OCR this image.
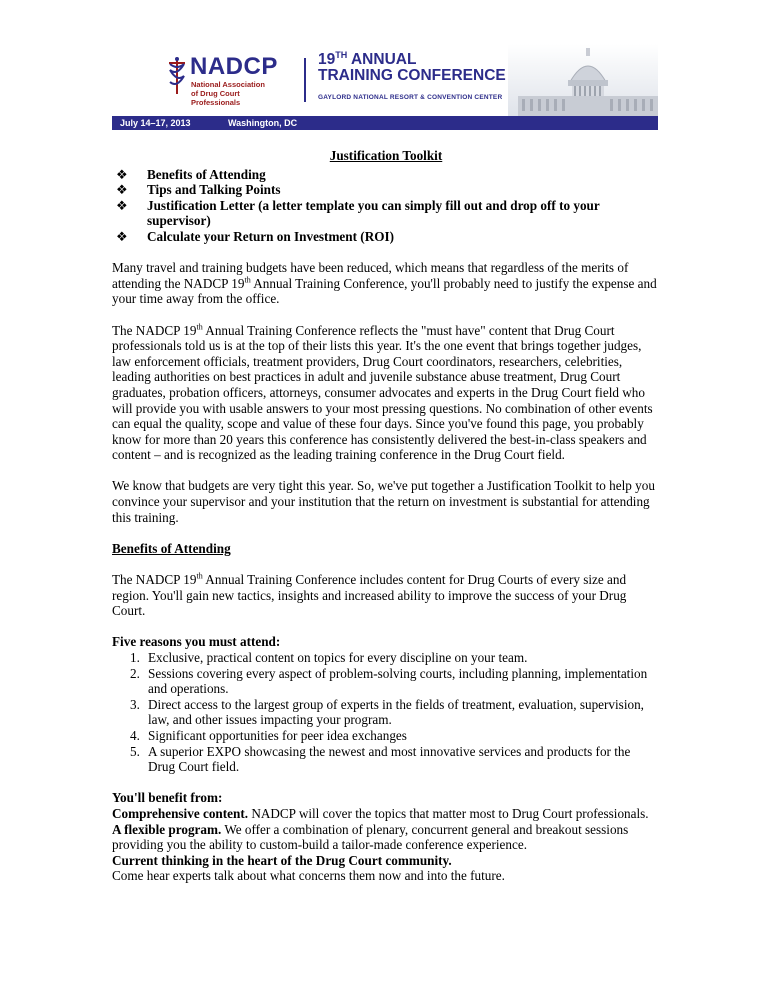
NADCP
National Association of Drug Court Professionals
19TH ANNUAL
TRAINING CONFERENCE
GAYLORD NATIONAL RESORT & CONVENTION CENTER
July 14–17, 2013	Washington, DC
Justification Toolkit
❖ Benefits of Attending
❖ Tips and Talking Points
❖ Justification Letter (a letter template you can simply fill out and drop off to your supervisor)
❖ Calculate your Return on Investment (ROI)

Many travel and training budgets have been reduced, which means that regardless of the merits of attending the NADCP 19th Annual Training Conference, you'll probably need to justify the expense and your time away from the office.

The NADCP 19th Annual Training Conference reflects the "must have" content that Drug Court professionals told us is at the top of their lists this year. It's the one event that brings together judges, law enforcement officials, treatment providers, Drug Court coordinators, researchers, celebrities, leading authorities on best practices in adult and juvenile substance abuse treatment, Drug Court graduates, probation officers, attorneys, consumer advocates and experts in the Drug Court field who will provide you with usable answers to your most pressing questions. No combination of other events can equal the quality, scope and value of these four days. Since you've found this page, you probably know for more than 20 years this conference has consistently delivered the best-in-class speakers and content – and is recognized as the leading training conference in the Drug Court field.

We know that budgets are very tight this year. So, we've put together a Justification Toolkit to help you convince your supervisor and your institution that the return on investment is substantial for attending this training.

Benefits of Attending

The NADCP 19th Annual Training Conference includes content for Drug Courts of every size and region. You'll gain new tactics, insights and increased ability to improve the success of your Drug Court.

Five reasons you must attend:
1. Exclusive, practical content on topics for every discipline on your team.
2. Sessions covering every aspect of problem-solving courts, including planning, implementation and operations.
3. Direct access to the largest group of experts in the fields of treatment, evaluation, supervision, law, and other issues impacting your program.
4. Significant opportunities for peer idea exchanges
5. A superior EXPO showcasing the newest and most innovative services and products for the Drug Court field.
You'll benefit from:
Comprehensive content. NADCP will cover the topics that matter most to Drug Court professionals.
A flexible program. We offer a combination of plenary, concurrent general and breakout sessions providing you the ability to custom-build a tailor-made conference experience.
Current thinking in the heart of the Drug Court community.
Come hear experts talk about what concerns them now and into the future.
